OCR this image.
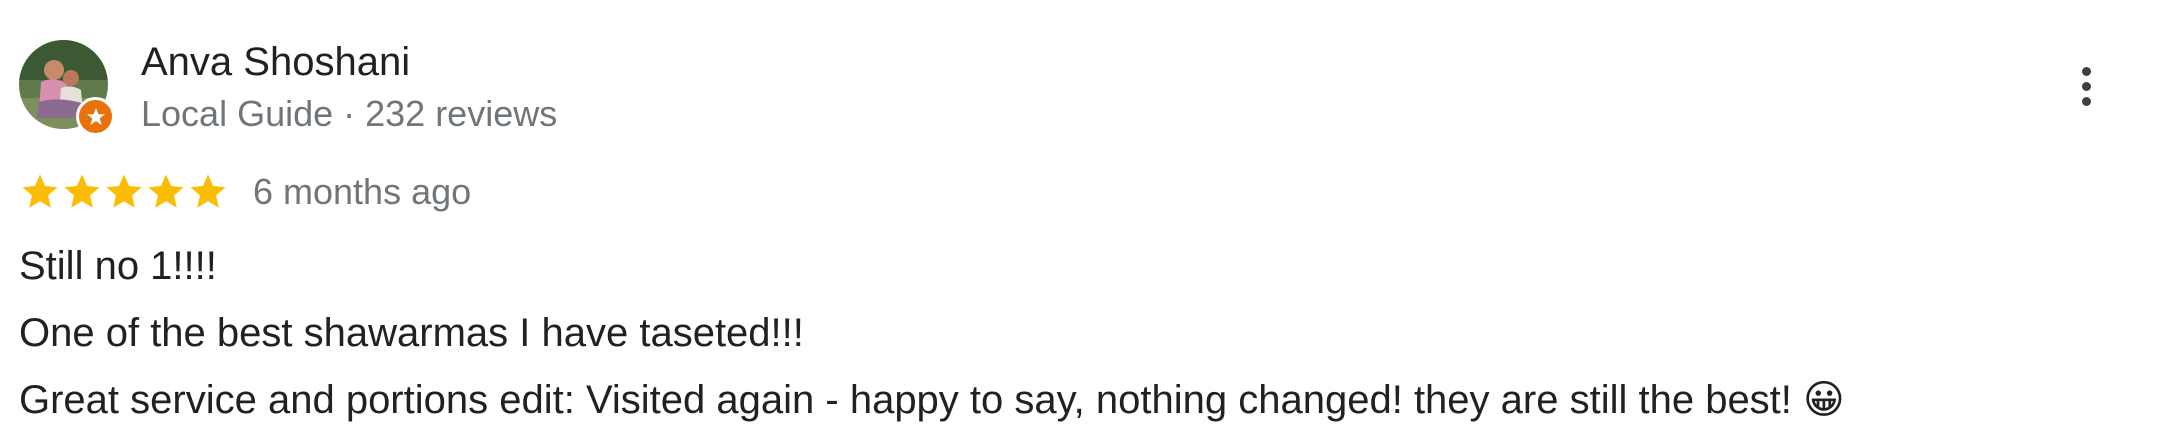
Anva Shoshani
Local Guide · 232 reviews
6 months ago
Still no 1!!!!
One of the best shawarmas I have taseted!!!
Great service and portions edit: Visited again - happy to say, nothing changed! they are still the best! 😀
